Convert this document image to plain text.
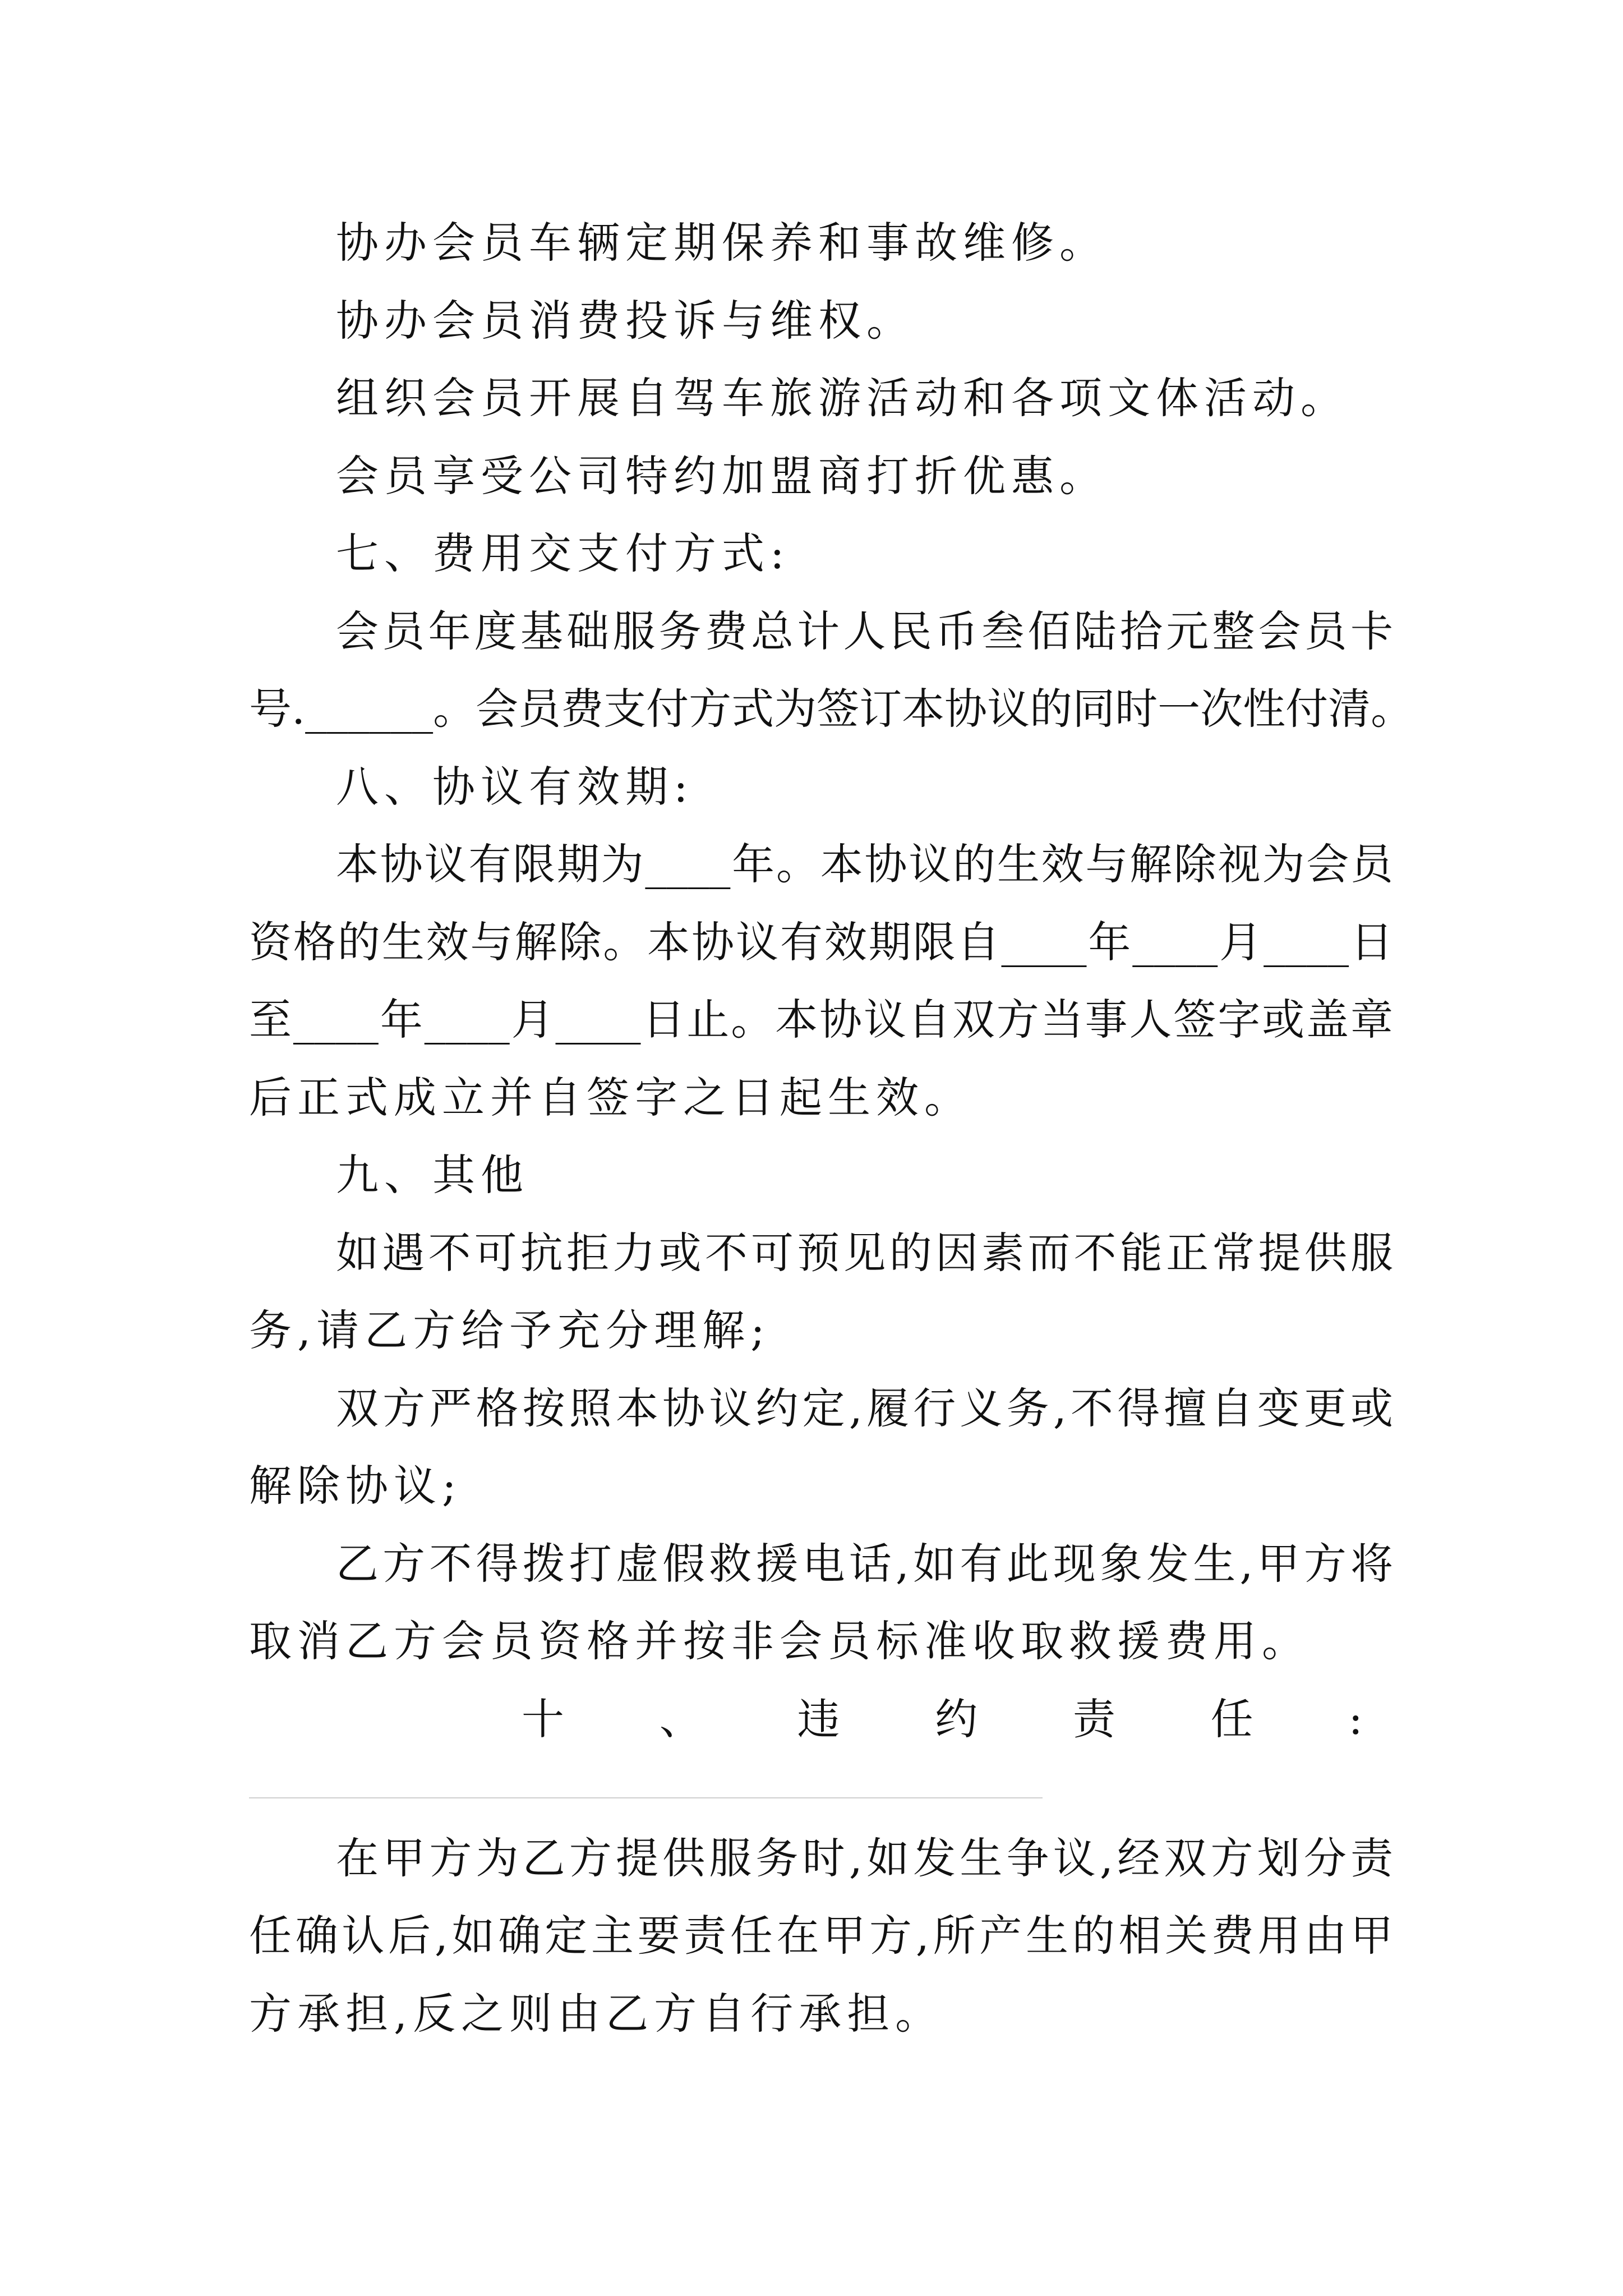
协办会员车辆定期保养和事故维修。
协办会员消费投诉与维权。
组织会员开展自驾车旅游活动和各项文体活动。
会员享受公司特约加盟商打折优惠。
七、费用交支付方式:
会员年度基础服务费总计人民币叁佰陆拾元整会员卡
号.______。会员费支付方式为签订本协议的同时一次性付清。
八、协议有效期:
本协议有限期为____年。本协议的生效与解除视为会员
资格的生效与解除。本协议有效期限自____年____月____日
至____年____月____日止。本协议自双方当事人签字或盖章
后正式成立并自签字之日起生效。
九、其他
如遇不可抗拒力或不可预见的因素而不能正常提供服
务,请乙方给予充分理解;
双方严格按照本协议约定,履行义务,不得擅自变更或
解除协议;
乙方不得拨打虚假救援电话,如有此现象发生,甲方将
取消乙方会员资格并按非会员标准收取救援费用。
十 、 违 约 责 任 :
在甲方为乙方提供服务时,如发生争议,经双方划分责
任确认后,如确定主要责任在甲方,所产生的相关费用由甲
方承担,反之则由乙方自行承担。
